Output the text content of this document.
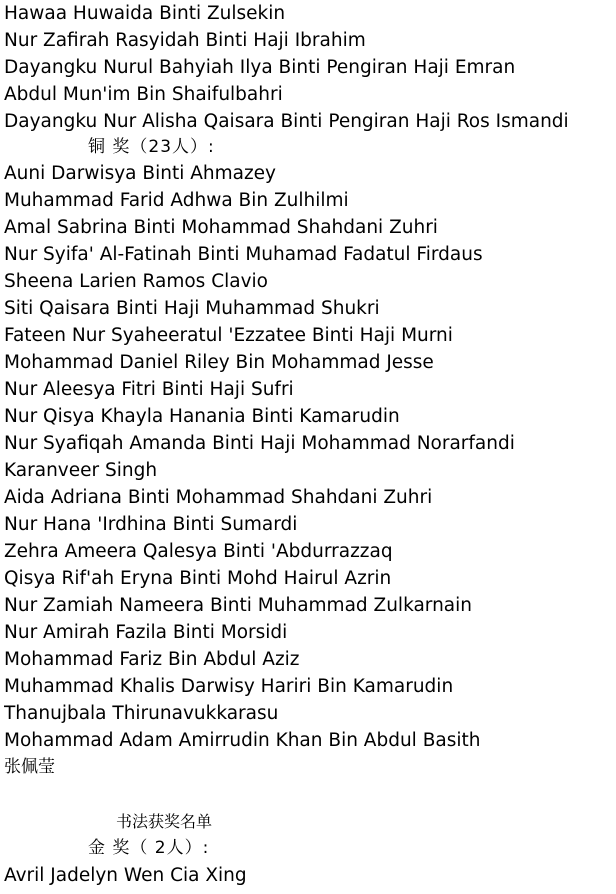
Hawaa Huwaida Binti Zulsekin
Nur Zafirah Rasyidah Binti Haji Ibrahim
Dayangku Nurul Bahyiah Ilya Binti Pengiran Haji Emran
Abdul Mun'im Bin Shaifulbahri
Dayangku Nur Alisha Qaisara Binti Pengiran Haji Ros Ismandi
铜 奖（23人）:
Auni Darwisya Binti Ahmazey
Muhammad Farid Adhwa Bin Zulhilmi
Amal Sabrina Binti Mohammad Shahdani Zuhri
Nur Syifa' Al-Fatinah Binti Muhamad Fadatul Firdaus
Sheena Larien Ramos Clavio
Siti Qaisara Binti Haji Muhammad Shukri
Fateen Nur Syaheeratul 'Ezzatee Binti Haji Murni
Mohammad Daniel Riley Bin Mohammad Jesse
Nur Aleesya Fitri Binti Haji Sufri
Nur Qisya Khayla Hanania Binti Kamarudin
Nur Syafiqah Amanda Binti Haji Mohammad Norarfandi
Karanveer Singh
Aida Adriana Binti Mohammad Shahdani Zuhri
Nur Hana 'Irdhina Binti Sumardi
Zehra Ameera Qalesya Binti 'Abdurrazzaq
Qisya Rif'ah Eryna Binti Mohd Hairul Azrin
Nur Zamiah Nameera Binti Muhammad Zulkarnain
Nur Amirah Fazila Binti Morsidi
Mohammad Fariz Bin Abdul Aziz
Muhammad Khalis Darwisy Hariri Bin Kamarudin
Thanujbala Thirunavukkarasu
Mohammad Adam Amirrudin Khan Bin Abdul Basith
张佩莹
书法获奖名单
金 奖（ 2人）:
Avril Jadelyn Wen Cia Xing
